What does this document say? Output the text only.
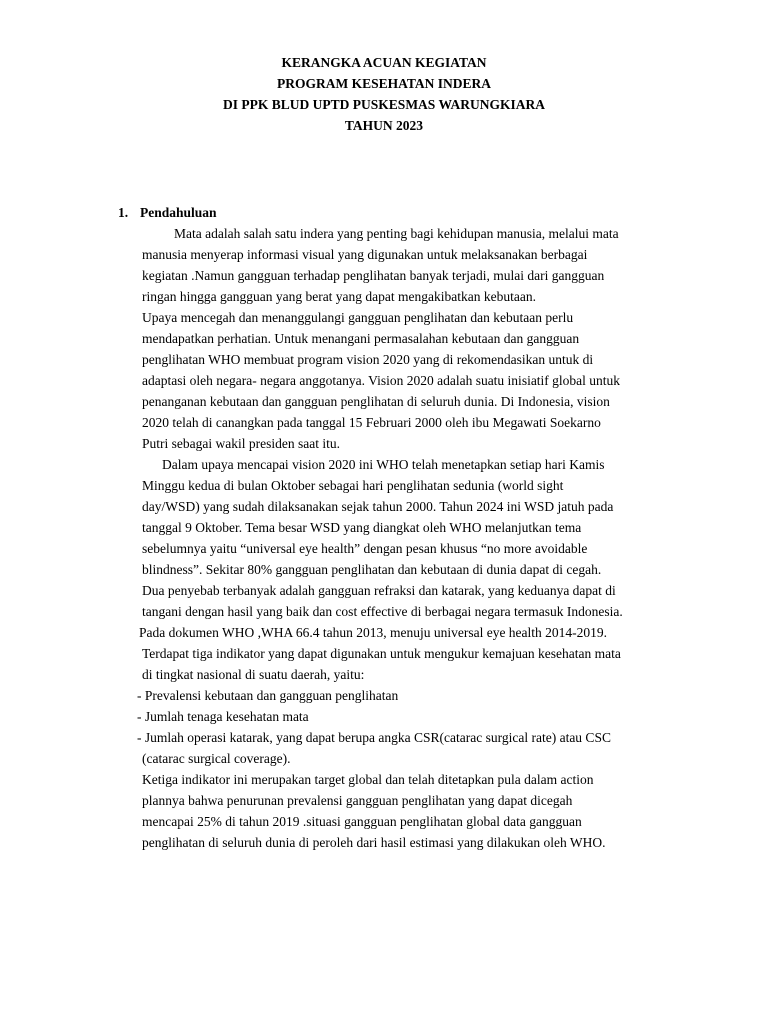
KERANGKA ACUAN KEGIATAN
PROGRAM KESEHATAN INDERA
DI PPK BLUD UPTD PUSKESMAS WARUNGKIARA
TAHUN 2023
1. Pendahuluan
Mata adalah salah satu indera yang penting bagi kehidupan manusia, melalui mata
manusia menyerap informasi visual yang digunakan untuk melaksanakan berbagai
kegiatan .Namun gangguan terhadap penglihatan banyak terjadi, mulai dari gangguan
ringan hingga gangguan yang berat yang dapat mengakibatkan kebutaan.
Upaya mencegah dan menanggulangi gangguan penglihatan dan kebutaan perlu
mendapatkan perhatian. Untuk menangani permasalahan kebutaan dan gangguan
penglihatan WHO membuat program vision 2020 yang di rekomendasikan untuk di
adaptasi oleh negara- negara anggotanya. Vision 2020 adalah suatu inisiatif global untuk
penanganan kebutaan dan gangguan penglihatan di seluruh dunia. Di Indonesia, vision
2020 telah di canangkan pada tanggal 15 Februari 2000 oleh ibu Megawati Soekarno
Putri sebagai wakil presiden saat itu.
Dalam upaya mencapai vision 2020 ini WHO telah menetapkan setiap hari Kamis
Minggu kedua di bulan Oktober sebagai hari penglihatan sedunia (world sight
day/WSD) yang sudah dilaksanakan sejak tahun 2000. Tahun 2024 ini WSD jatuh pada
tanggal 9 Oktober. Tema besar WSD yang diangkat oleh WHO melanjutkan tema
sebelumnya yaitu “universal eye health” dengan pesan khusus “no more avoidable
blindness”. Sekitar 80% gangguan penglihatan dan kebutaan di dunia dapat di cegah.
Dua penyebab terbanyak adalah gangguan refraksi dan katarak, yang keduanya dapat di
tangani dengan hasil yang baik dan cost effective di berbagai negara termasuk Indonesia.
Pada dokumen WHO ,WHA 66.4 tahun 2013, menuju universal eye health 2014-2019.
Terdapat tiga indikator yang dapat digunakan untuk mengukur kemajuan kesehatan mata
di tingkat nasional di suatu daerah, yaitu:
- Prevalensi kebutaan dan gangguan penglihatan
- Jumlah tenaga kesehatan mata
- Jumlah operasi katarak, yang dapat berupa angka CSR(catarac surgical rate) atau CSC
(catarac surgical coverage).
Ketiga indikator ini merupakan target global dan telah ditetapkan pula dalam action
plannya bahwa penurunan prevalensi gangguan penglihatan yang dapat dicegah
mencapai 25% di tahun 2019 .situasi gangguan penglihatan global data gangguan
penglihatan di seluruh dunia di peroleh dari hasil estimasi yang dilakukan oleh WHO.
